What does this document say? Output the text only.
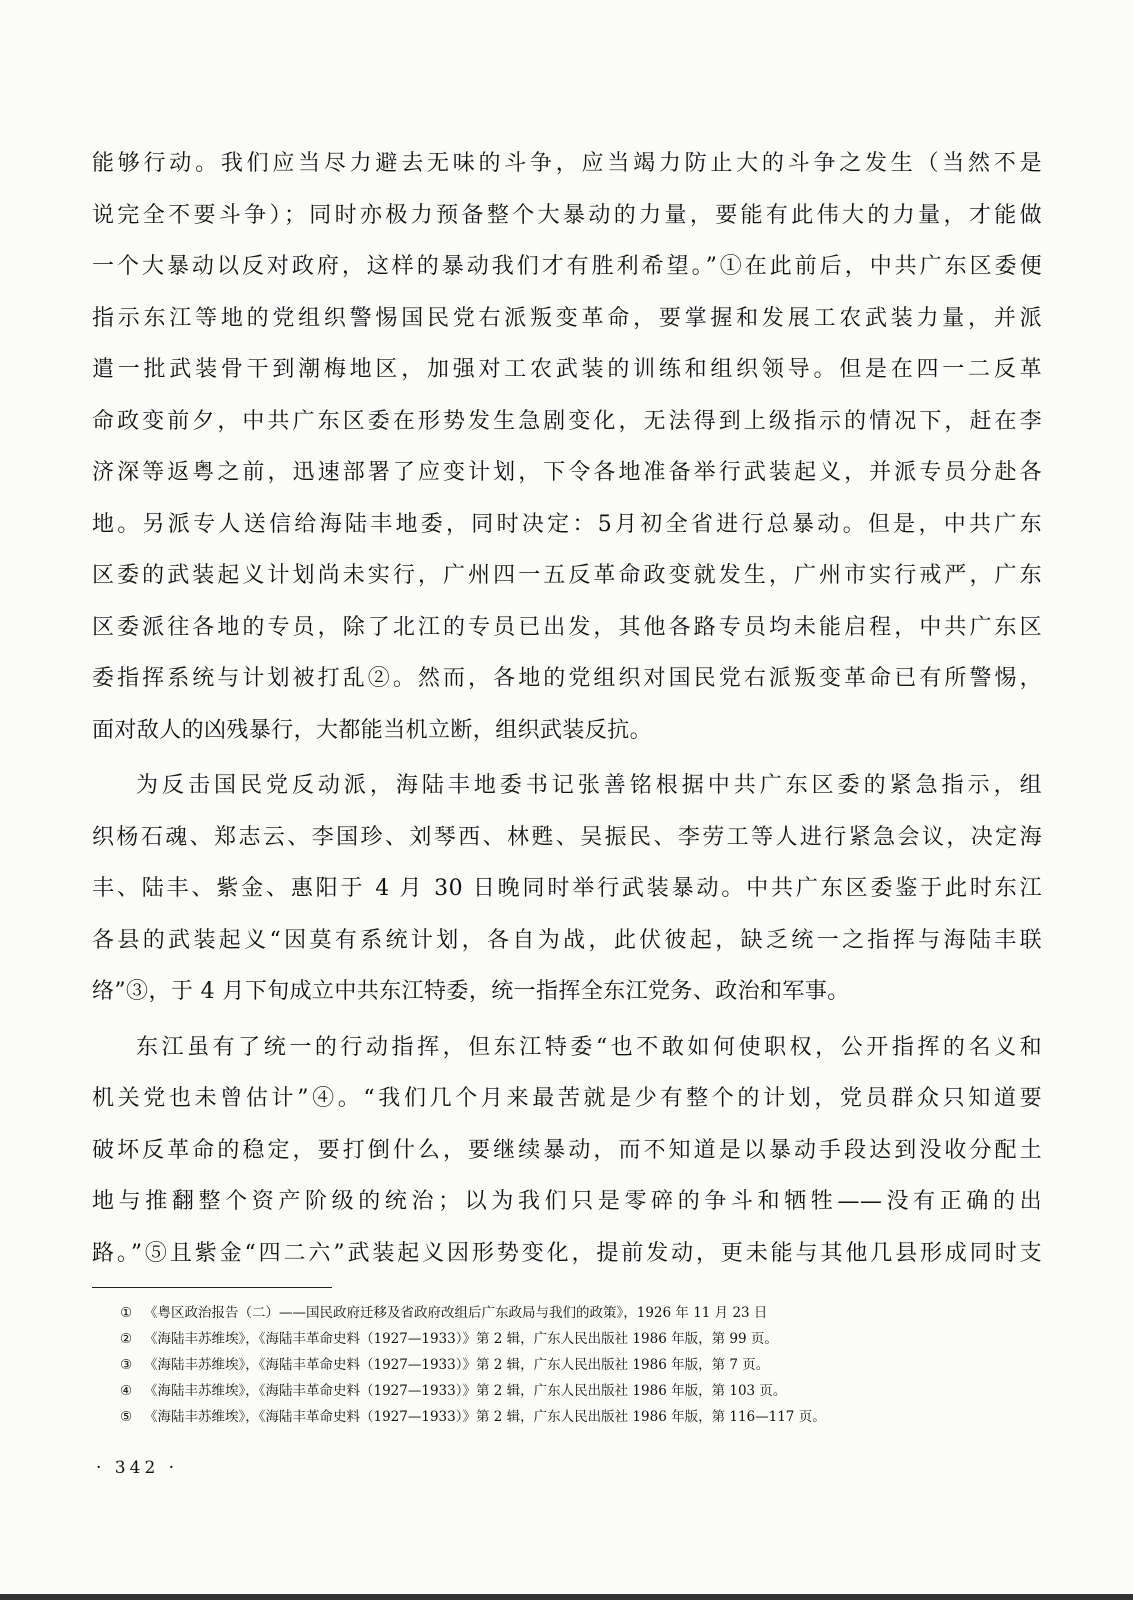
能够行动。我们应当尽力避去无味的斗争，应当竭力防止大的斗争之发生（当然不是

说完全不要斗争）；同时亦极力预备整个大暴动的力量，要能有此伟大的力量，才能做

一个大暴动以反对政府，这样的暴动我们才有胜利希望。”①在此前后，中共广东区委便

指示东江等地的党组织警惕国民党右派叛变革命，要掌握和发展工农武装力量，并派

遣一批武装骨干到潮梅地区，加强对工农武装的训练和组织领导。但是在四一二反革

命政变前夕，中共广东区委在形势发生急剧变化，无法得到上级指示的情况下，赶在李

济深等返粤之前，迅速部署了应变计划，下令各地准备举行武装起义，并派专员分赴各

地。另派专人送信给海陆丰地委，同时决定：5月初全省进行总暴动。但是，中共广东

区委的武装起义计划尚未实行，广州四一五反革命政变就发生，广州市实行戒严，广东

区委派往各地的专员，除了北江的专员已出发，其他各路专员均未能启程，中共广东区

委指挥系统与计划被打乱②。然而，各地的党组织对国民党右派叛变革命已有所警惕，

面对敌人的凶残暴行，大都能当机立断，组织武装反抗。

为反击国民党反动派，海陆丰地委书记张善铭根据中共广东区委的紧急指示，组

织杨石魂、郑志云、李国珍、刘琴西、林甦、吴振民、李劳工等人进行紧急会议，决定海

丰、陆丰、紫金、惠阳于 4 月 30 日晚同时举行武装暴动。中共广东区委鉴于此时东江

各县的武装起义“因莫有系统计划，各自为战，此伏彼起，缺乏统一之指挥与海陆丰联

络”③，于 4 月下旬成立中共东江特委，统一指挥全东江党务、政治和军事。

东江虽有了统一的行动指挥，但东江特委“也不敢如何使职权，公开指挥的名义和

机关党也未曾估计”④。“我们几个月来最苦就是少有整个的计划，党员群众只知道要

破坏反革命的稳定，要打倒什么，要继续暴动，而不知道是以暴动手段达到没收分配土

地与推翻整个资产阶级的统治；以为我们只是零碎的争斗和牺牲——没有正确的出

路。”⑤且紫金“四二六”武装起义因形势变化，提前发动，更未能与其他几县形成同时支

① 《粤区政治报告（二）——国民政府迁移及省政府改组后广东政局与我们的政策》，1926 年 11 月 23 日
② 《海陆丰苏维埃》，《海陆丰革命史料（1927—1933）》第 2 辑，广东人民出版社 1986 年版，第 99 页。
③ 《海陆丰苏维埃》，《海陆丰革命史料（1927—1933）》第 2 辑，广东人民出版社 1986 年版，第 7 页。
④ 《海陆丰苏维埃》，《海陆丰革命史料（1927—1933）》第 2 辑，广东人民出版社 1986 年版，第 103 页。
⑤ 《海陆丰苏维埃》，《海陆丰革命史料（1927—1933）》第 2 辑，广东人民出版社 1986 年版，第 116—117 页。
· 342 ·
